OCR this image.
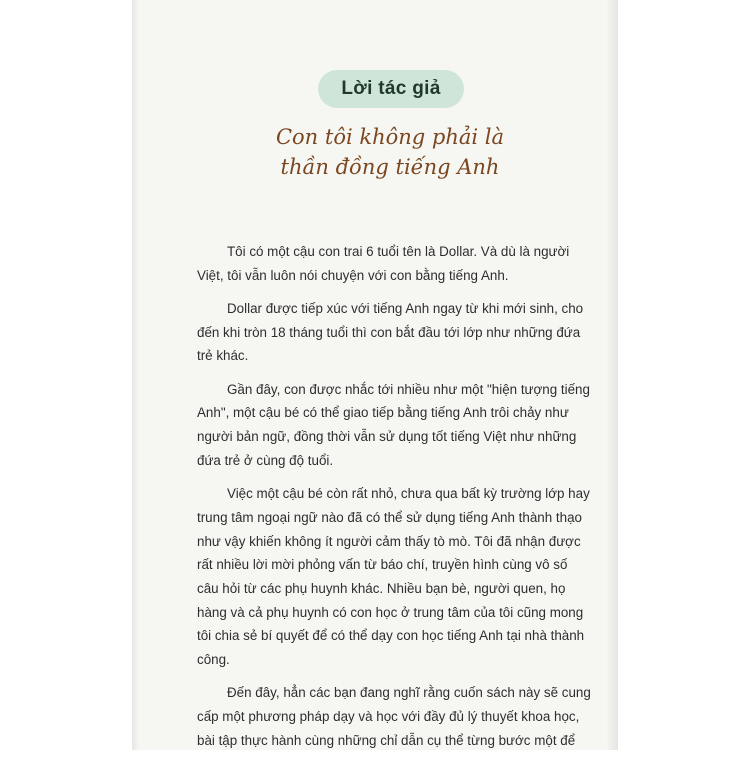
Lời tác giả
Con tôi không phải là
thần đồng tiếng Anh

Tôi có một cậu con trai 6 tuổi tên là Dollar. Và dù là người Việt, tôi vẫn luôn nói chuyện với con bằng tiếng Anh.

Dollar được tiếp xúc với tiếng Anh ngay từ khi mới sinh, cho đến khi tròn 18 tháng tuổi thì con bắt đầu tới lớp như những đứa trẻ khác.

Gần đây, con được nhắc tới nhiều như một "hiện tượng tiếng Anh", một cậu bé có thể giao tiếp bằng tiếng Anh trôi chảy như người bản ngữ, đồng thời vẫn sử dụng tốt tiếng Việt như những đứa trẻ ở cùng độ tuổi.

Việc một cậu bé còn rất nhỏ, chưa qua bất kỳ trường lớp hay trung tâm ngoại ngữ nào đã có thể sử dụng tiếng Anh thành thạo như vậy khiến không ít người cảm thấy tò mò. Tôi đã nhận được rất nhiều lời mời phỏng vấn từ báo chí, truyền hình cùng vô số câu hỏi từ các phụ huynh khác. Nhiều bạn bè, người quen, họ hàng và cả phụ huynh có con học ở trung tâm của tôi cũng mong tôi chia sẻ bí quyết để có thể dạy con học tiếng Anh tại nhà thành công.

Đến đây, hẳn các bạn đang nghĩ rằng cuốn sách này sẽ cung cấp một phương pháp dạy và học với đầy đủ lý thuyết khoa học, bài tập thực hành cùng những chỉ dẫn cụ thể từng bước một để
